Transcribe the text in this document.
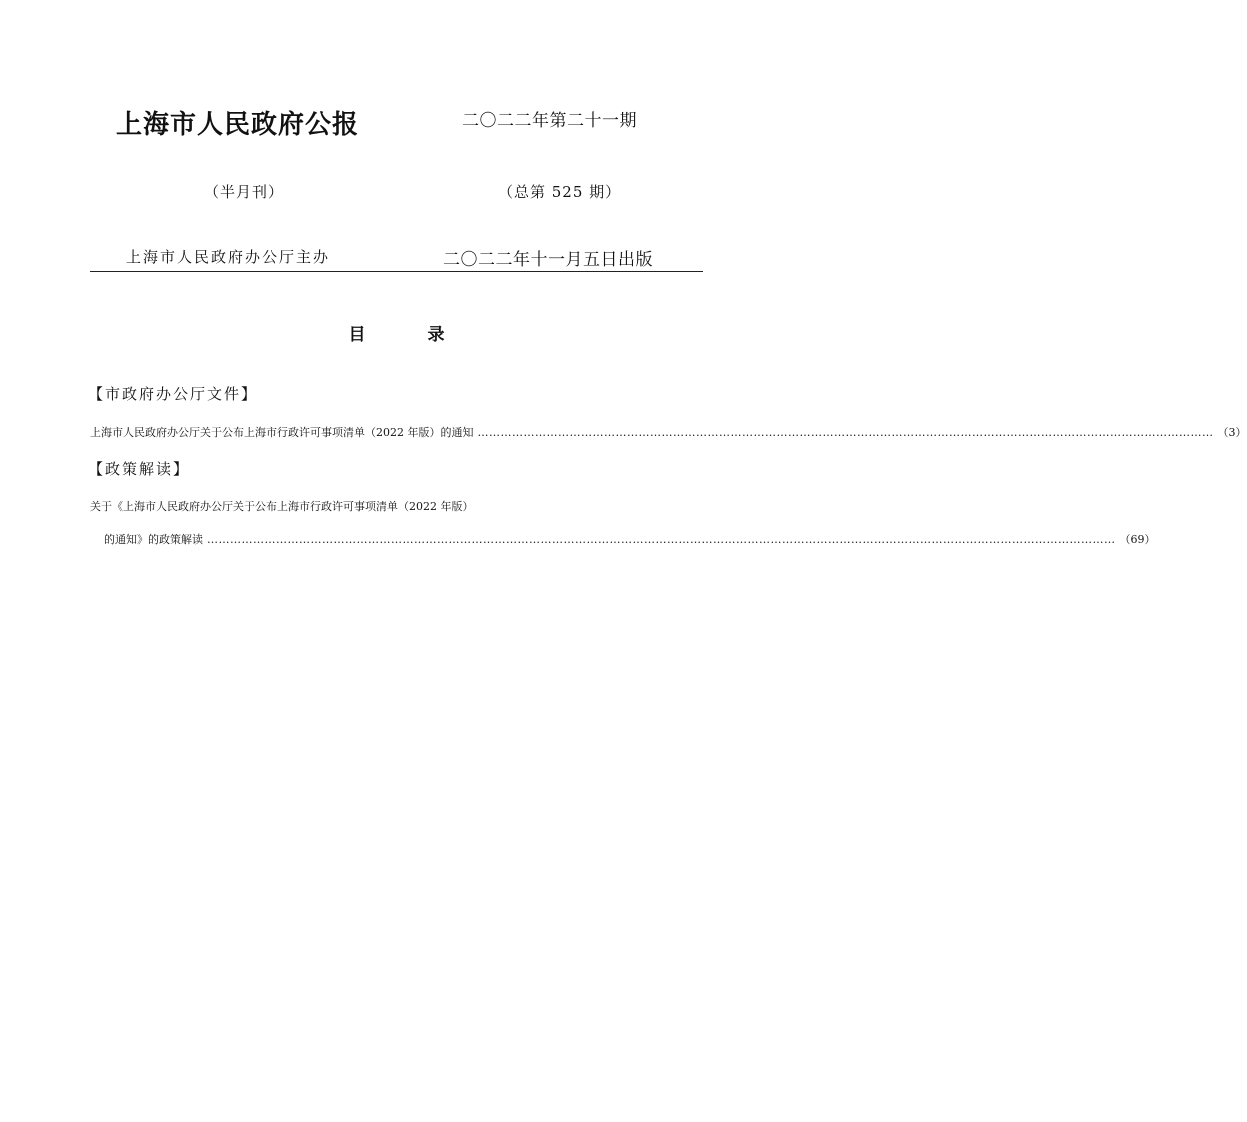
上海市人民政府公报	二〇二二年第二十一期
（半月刊）	（总第 525 期）
上海市人民政府办公厅主办	二〇二二年十一月五日出版
目	录
【市政府办公厅文件】
上海市人民政府办公厅关于公布上海市行政许可事项清单（2022 年版）的通知 ………………………………………………………………………………………………………………………………………………………………………… （3）
【政策解读】
关于《上海市人民政府办公厅关于公布上海市行政许可事项清单（2022 年版）
的通知》的政策解读 ………………………………………………………………………………………………………………………………………………………………………………………………………………… （69）
